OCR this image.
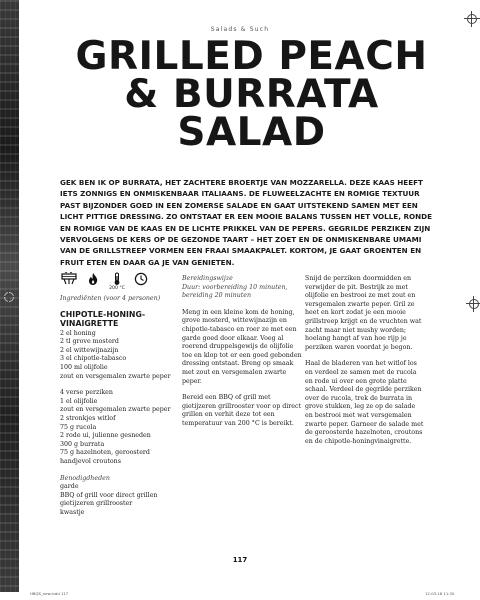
Salads & Such
GRILLED PEACH
& BURRATA
SALAD

GEK BEN IK OP BURRATA, HET ZACHTERE BROERTJE VAN MOZZARELLA. DEZE KAAS HEEFT IETS ZONNIGS EN ONMISKENBAAR ITALIAANS. DE FLUWEELZACHTE EN ROMIGE TEXTUUR PAST BIJZONDER GOED IN EEN ZOMERSE SALADE EN GAAT UITSTEKEND SAMEN MET EEN LICHT PITTIGE DRESSING. ZO ONTSTAAT ER EEN MOOIE BALANS TUSSEN HET VOLLE, RONDE EN ROMIGE VAN DE KAAS EN DE LICHTE PRIKKEL VAN DE PEPERS. GEGRILDE PERZIKEN ZIJN VERVOLGENS DE KERS OP DE GEZONDE TAART – HET ZOET EN DE ONMISKENBARE UMAMI VAN DE GRILLSTREEP VORMEN EEN FRAAI SMAAKPALET. KORTOM, JE GAAT GROENTEN EN FRUIT ETEN EN DAAR GA JE VAN GENIETEN.

200 °C
Ingrediënten (voor 4 personen)
CHIPOTLE-HONING-VINAIGRETTE
2 el honing
2 tl grove mosterd
2 el wittewijnazijn
3 el chipotle-tabasco
100 ml olijfolie
zout en versgemalen zwarte peper
4 verse perziken
1 el olijfolie
zout en versgemalen zwarte peper
2 stronkjes witlof
75 g rucola
2 rode ui, julienne gesneden
300 g burrata
75 g hazelnoten, geroosterd
handjevol croutons
Benodigdheden
garde
BBQ of grill voor direct grillen
gietijzeren grillrooster
kwastje
Bereidingswijze
Duur: voorbereiding 10 minuten, bereiding 20 minuten

Meng in een kleine kom de honing, grove mosterd, wittewijnazijn en chipotle-tabasco en roer ze met een garde goed door elkaar. Voeg al roerend druppelsgewijs de olijfolie toe en klop tot er een goed gebonden dressing ontstaat. Breng op smaak met zout en versgemalen zwarte peper.

Bereid een BBQ of grill met gietijzeren grillrooster voor op direct grillen en verhit deze tot een temperatuur van 200 °C is bereikt.

Snijd de perziken doormidden en verwijder de pit. Bestrijk ze met olijfolie en bestrooi ze met zout en versgemalen zwarte peper. Gril ze heet en kort zodat je een mooie grillstreep krijgt en de vruchten wat zacht maar niet mushy worden; hoelang hangt af van hoe rijp je perziken waren voordat je begon.

Haal de bladeren van het witlof los en verdeel ze samen met de rucola en rode ui over een grote platte schaal. Verdeel de gegrilde perziken over de rucola, trek de burrata in grove stukken, leg ze op de salade en bestrooi met wat versgemalen zwarte peper. Garneer de salade met de geroosterde hazelnoten, croutons en de chipotle-honingvinaigrette.

117
HBQS_new.indd 117	12-03-18 11:30
